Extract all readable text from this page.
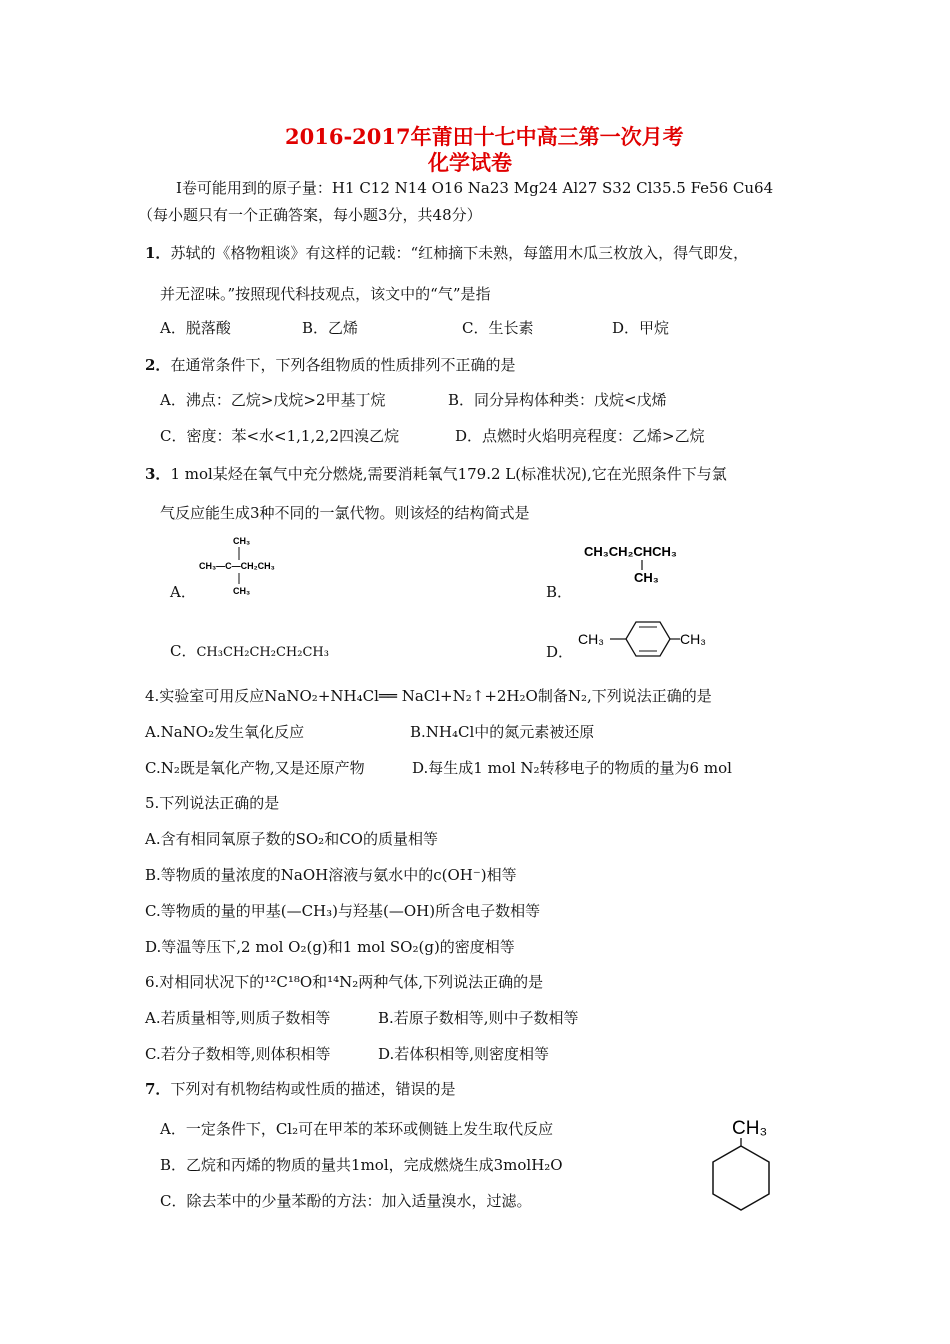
2016-2017年莆田十七中高三第一次月考
化学试卷
I卷可能用到的原子量：H1 C12 N14 O16 Na23 Mg24 Al27 S32 Cl35.5 Fe56 Cu64
（每小题只有一个正确答案，每小题3分，共48分）
1．苏轼的《格物粗谈》有这样的记载：“红柿摘下未熟，每篮用木瓜三枚放入，得气即发，
并无涩味。”按照现代科技观点，该文中的“气”是指
A．脱落酸	B．乙烯	C．生长素	D．甲烷
2．在通常条件下，下列各组物质的性质排列不正确的是
A．沸点：乙烷>戊烷>2甲基丁烷	B．同分异构体种类：戊烷<戊烯
C．密度：苯<水<1,1,2,2四溴乙烷	D．点燃时火焰明亮程度：乙烯>乙烷
3．1 mol某烃在氧气中充分燃烧,需要消耗氧气179.2 L(标准状况),它在光照条件下与氯
气反应能生成3种不同的一氯代物。则该烃的结构简式是
A．
CH₃
CH₃—C—CH₂CH₃
CH₃	B．
CH₃CH₂CHCH₃
CH₃
C．CH₃CH₂CH₂CH₂CH₃	D．
CH₃	CH₃
4.实验室可用反应NaNO₂+NH₄Cl══ NaCl+N₂↑+2H₂O制备N₂,下列说法正确的是
A.NaNO₂发生氧化反应	B.NH₄Cl中的氮元素被还原
C.N₂既是氧化产物,又是还原产物	D.每生成1 mol N₂转移电子的物质的量为6 mol
5.下列说法正确的是
A.含有相同氧原子数的SO₂和CO的质量相等
B.等物质的量浓度的NaOH溶液与氨水中的c(OH⁻)相等
C.等物质的量的甲基(—CH₃)与羟基(—OH)所含电子数相等
D.等温等压下,2 mol O₂(g)和1 mol SO₂(g)的密度相等
6.对相同状况下的¹²C¹⁸O和¹⁴N₂两种气体,下列说法正确的是
A.若质量相等,则质子数相等	B.若原子数相等,则中子数相等
C.若分子数相等,则体积相等	D.若体积相等,则密度相等
7．下列对有机物结构或性质的描述，错误的是
A．一定条件下，Cl₂可在甲苯的苯环或侧链上发生取代反应
B．乙烷和丙烯的物质的量共1mol，完成燃烧生成3molH₂O
C．除去苯中的少量苯酚的方法：加入适量溴水，过滤。
CH₃
